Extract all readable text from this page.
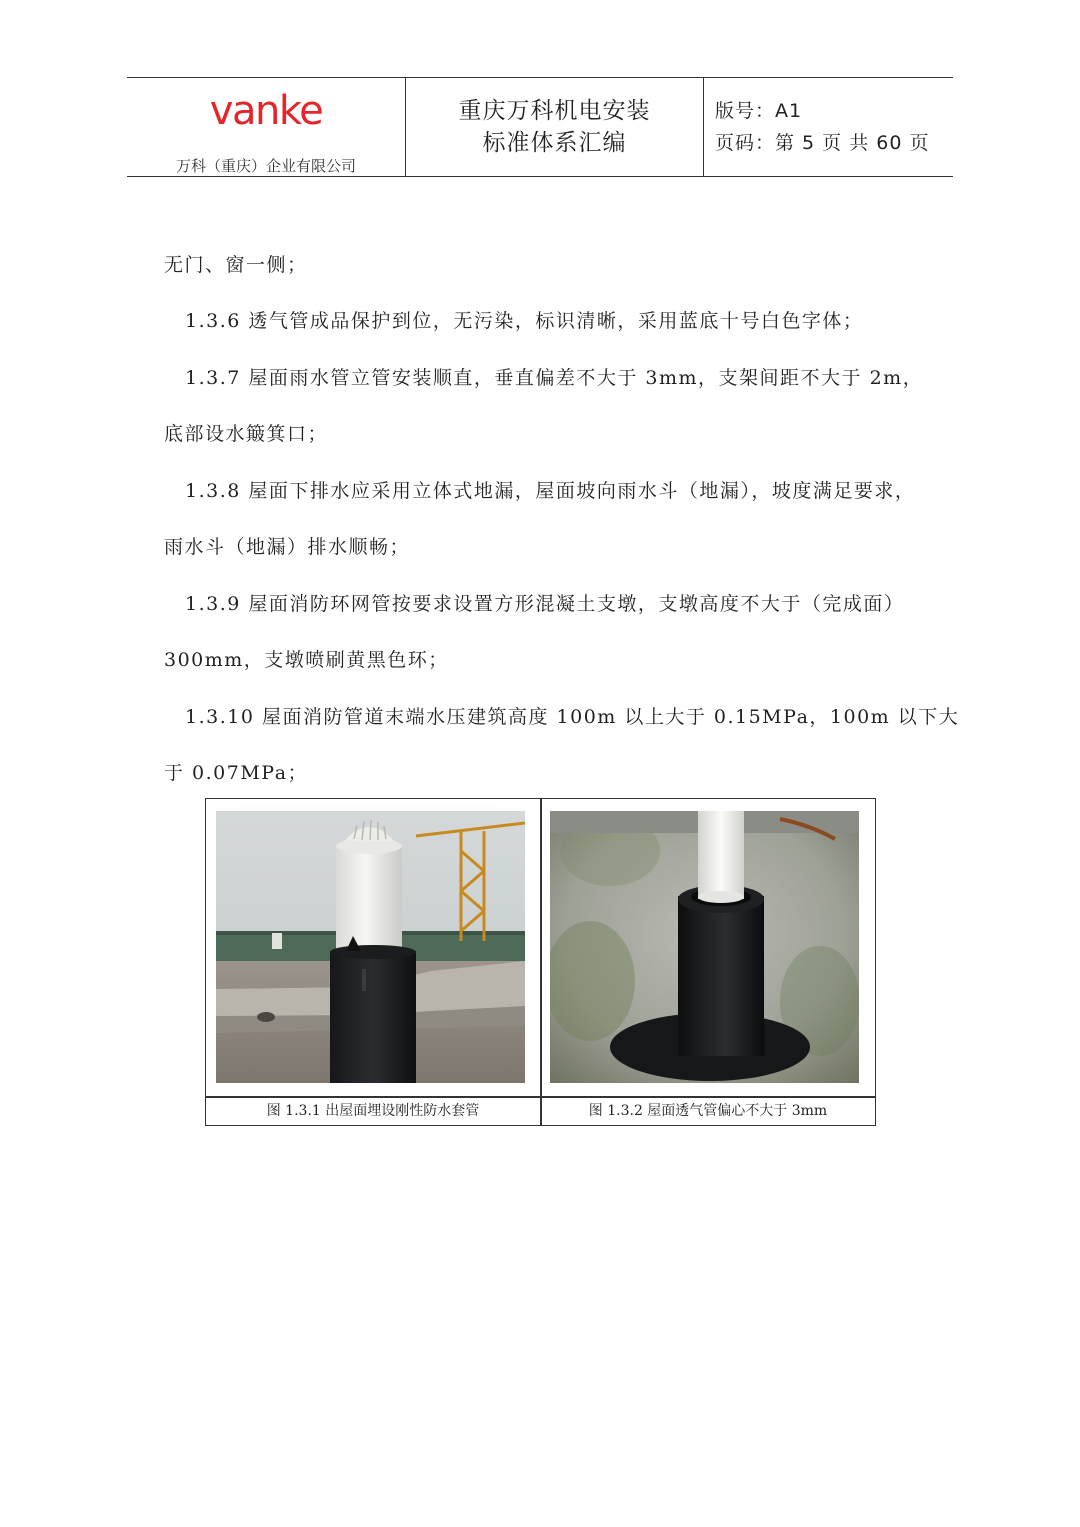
vanke
万科（重庆）企业有限公司
重庆万科机电安装
标准体系汇编
版号：A1
页码：第 5 页 共 60 页
无门、窗一侧；
1.3.6 透气管成品保护到位，无污染，标识清晰，采用蓝底十号白色字体；
1.3.7 屋面雨水管立管安装顺直，垂直偏差不大于 3mm，支架间距不大于 2m，
底部设水簸箕口；
1.3.8 屋面下排水应采用立体式地漏，屋面坡向雨水斗（地漏），坡度满足要求，
雨水斗（地漏）排水顺畅；
1.3.9 屋面消防环网管按要求设置方形混凝土支墩，支墩高度不大于（完成面）
300mm，支墩喷刷黄黑色环；
1.3.10 屋面消防管道末端水压建筑高度 100m 以上大于 0.15MPa，100m 以下大
于 0.07MPa；
图 1.3.1 出屋面埋设刚性防水套管	图 1.3.2 屋面透气管偏心不大于 3mm
